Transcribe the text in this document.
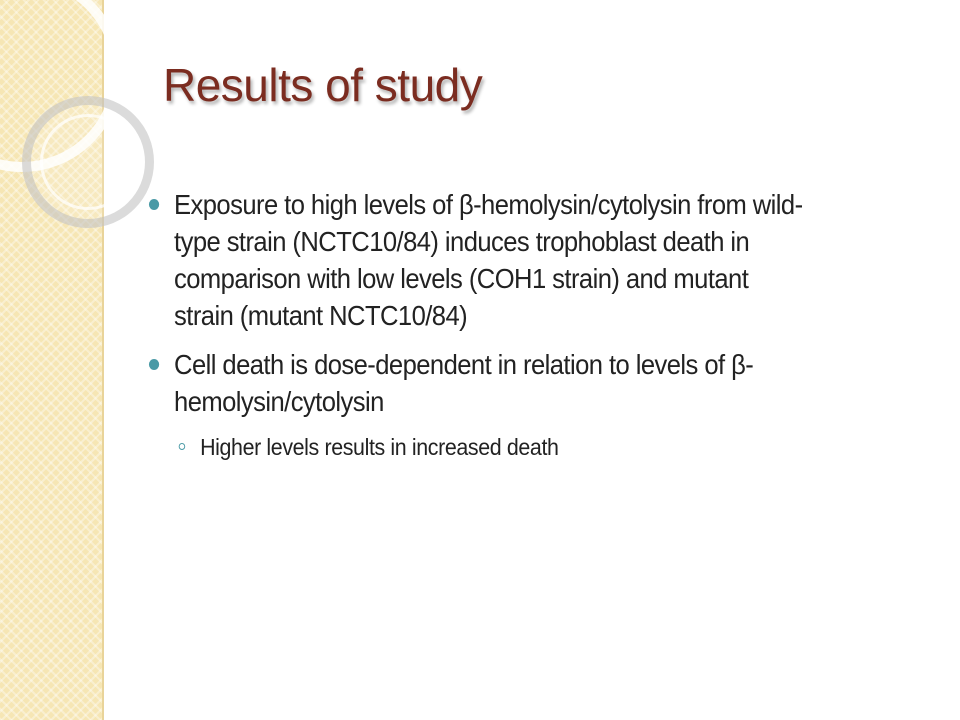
Results of study
Exposure to high levels of β-hemolysin/cytolysin from wild-
type strain (NCTC10/84) induces trophoblast death in
comparison with low levels (COH1 strain) and mutant
strain (mutant NCTC10/84)
Cell death is dose-dependent in relation to levels of β-
hemolysin/cytolysin
Higher levels results in increased death
